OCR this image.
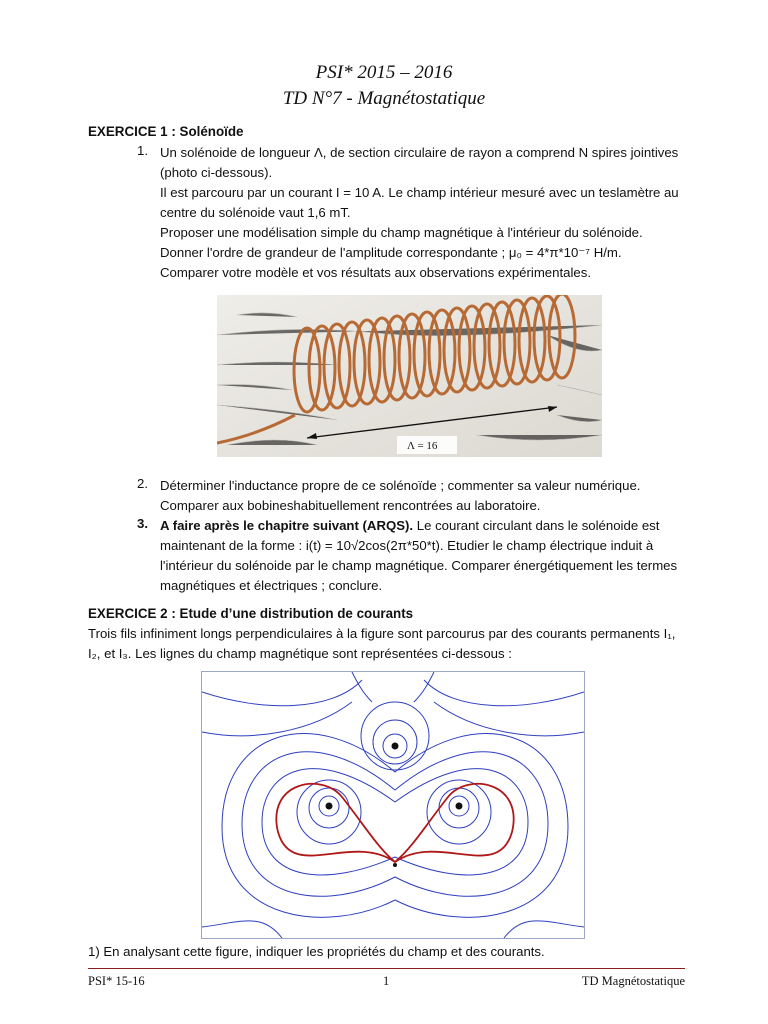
PSI* 2015 – 2016
TD N°7 - Magnétostatique
EXERCICE 1 : Solénoïde
1. Un solénoide de longueur Λ, de section circulaire de rayon a comprend N spires jointives
(photo ci-dessous).
Il est parcouru par un courant I = 10 A. Le champ intérieur mesuré avec un teslamètre au
centre du solénoide vaut 1,6 mT.
Proposer une modélisation simple du champ magnétique à l'intérieur du solénoide.
Donner l'ordre de grandeur de l'amplitude correspondante ; μ₀ = 4*π*10⁻⁷ H/m.
Comparer votre modèle et vos résultats aux observations expérimentales.
Λ = 16
2. Déterminer l'inductance propre de ce solénoïde ; commenter sa valeur numérique.
Comparer aux bobineshabituellement rencontrées au laboratoire.
3. A faire après le chapitre suivant (ARQS). Le courant circulant dans le solénoide est
maintenant de la forme : i(t) = 10√2cos(2π*50*t). Etudier le champ électrique induit à
l'intérieur du solénoide par le champ magnétique. Comparer énergétiquement les termes
magnétiques et électriques ; conclure.
EXERCICE 2 : Etude d’une distribution de courants
Trois fils infiniment longs perpendiculaires à la figure sont parcourus par des courants permanents I₁,
I₂, et I₃. Les lignes du champ magnétique sont représentées ci-dessous :
1) En analysant cette figure, indiquer les propriétés du champ et des courants.
PSI* 15-16	1	TD Magnétostatique
